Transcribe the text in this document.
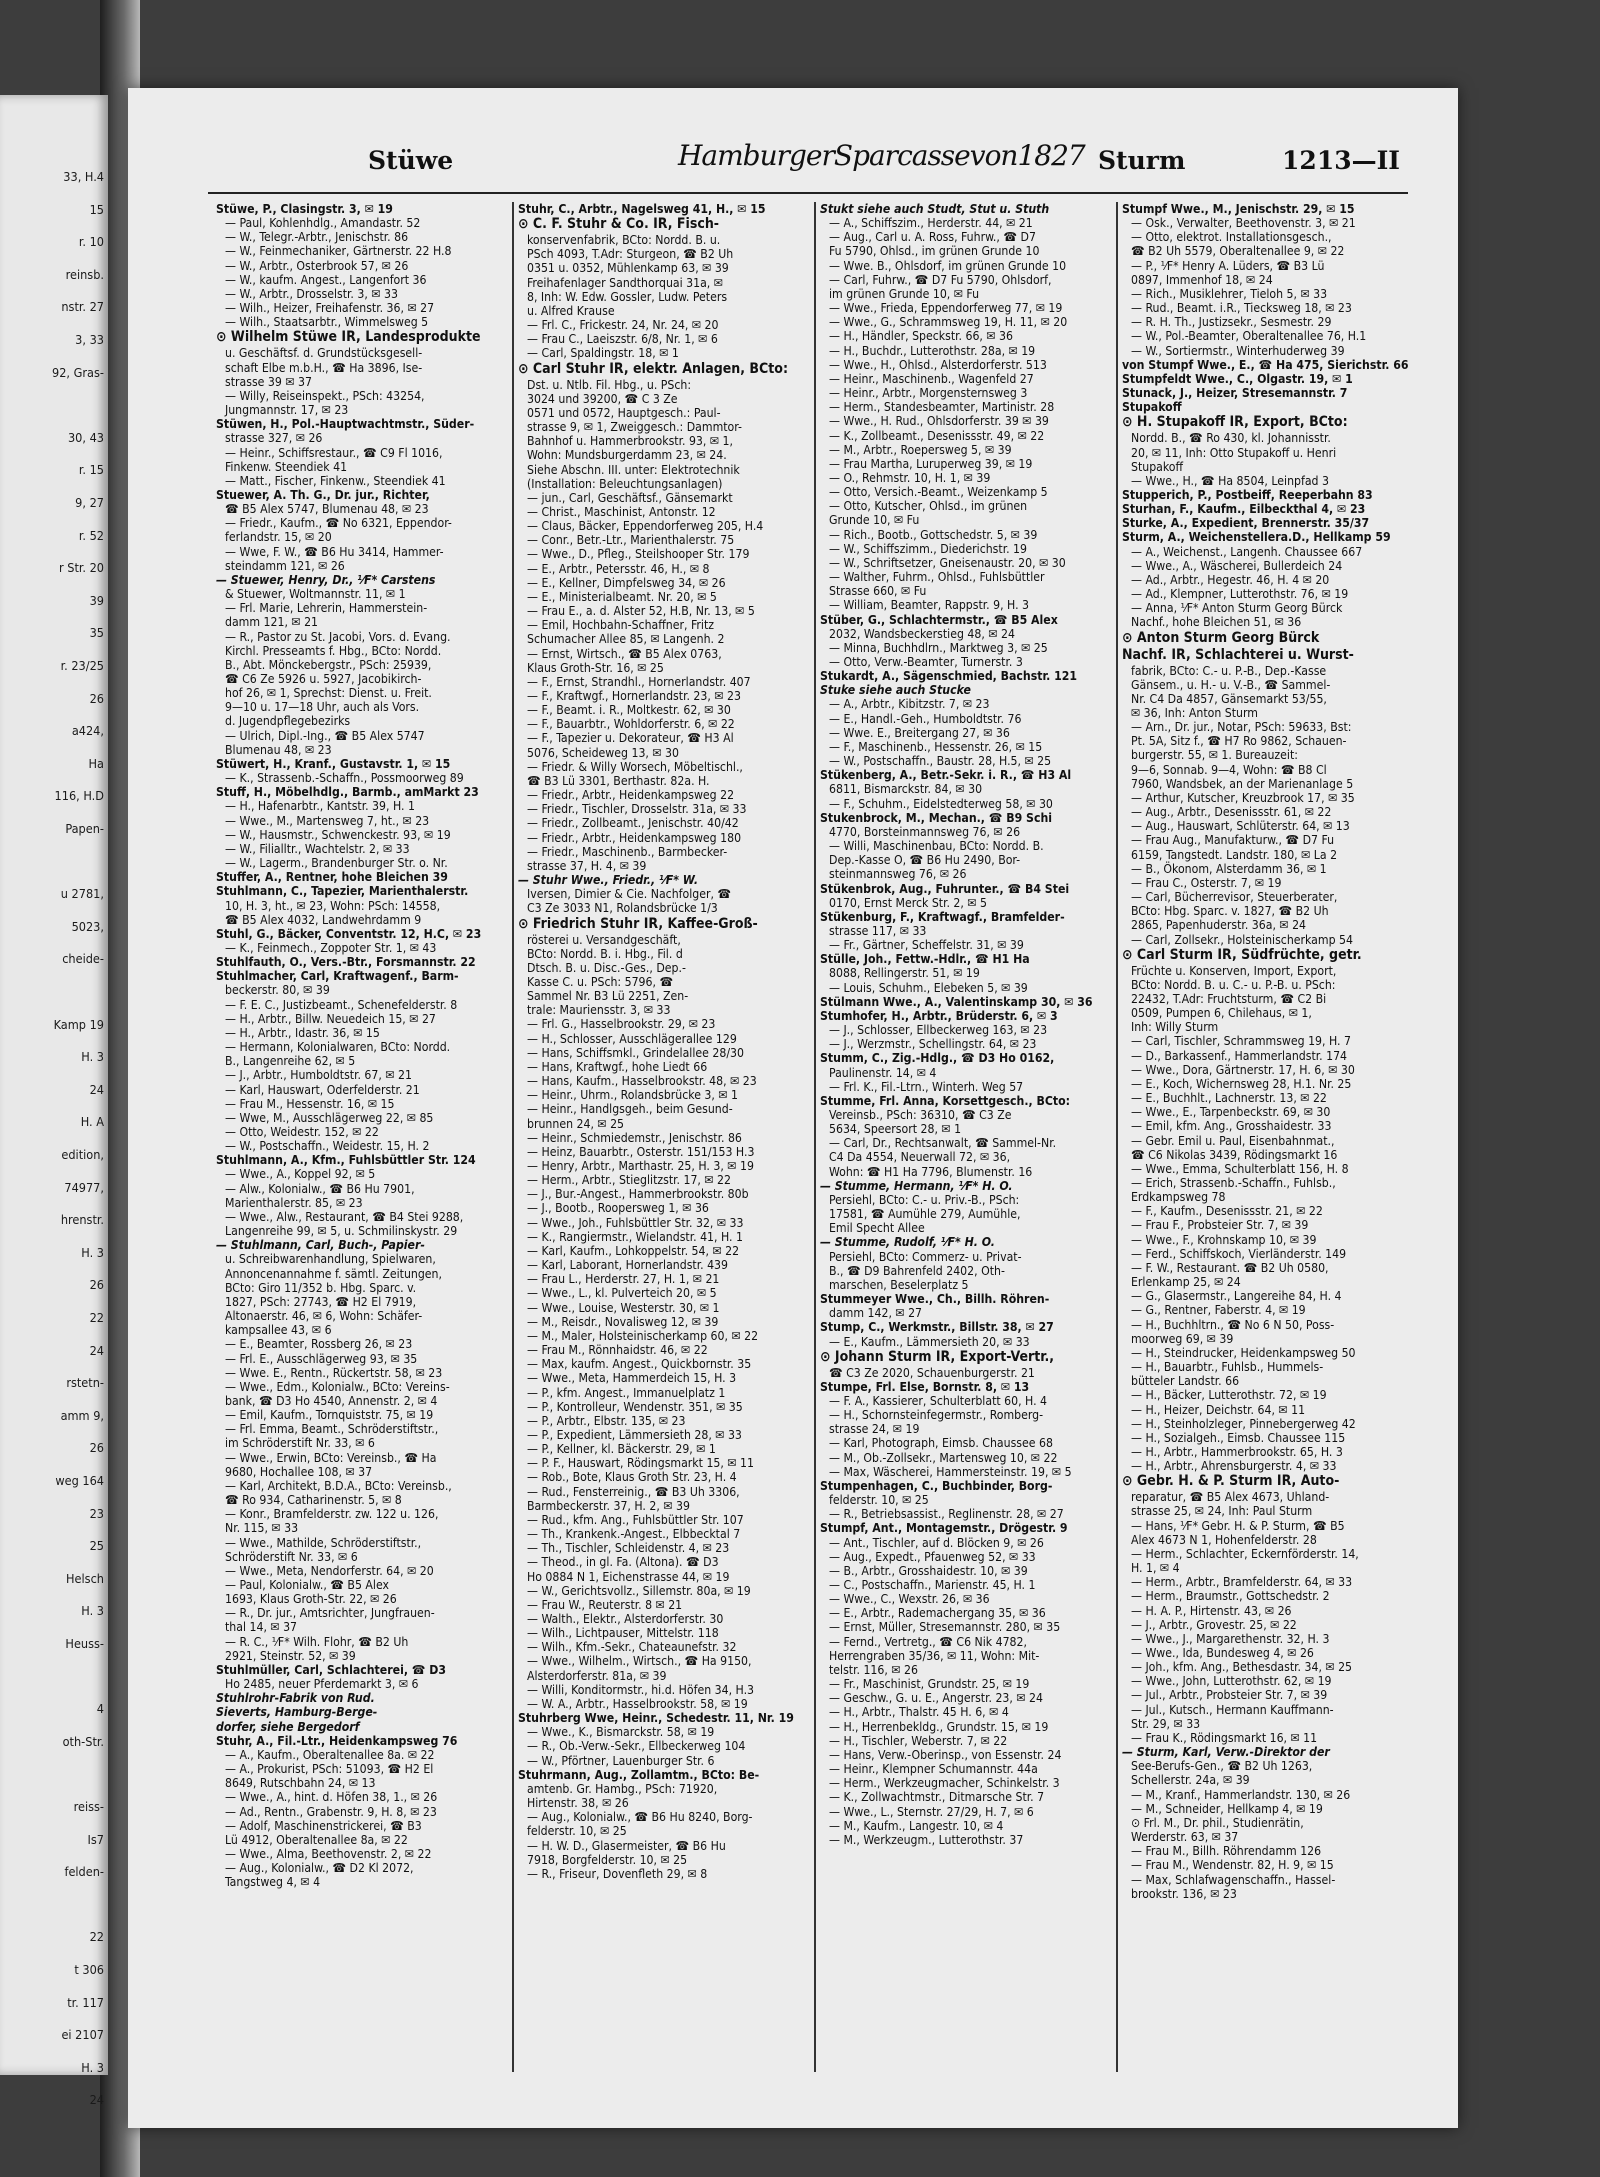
33, H.4
15
r. 10
reinsb.
nstr. 27
3, 33
92, Gras-
30, 43
r. 15
9, 27
r. 52
r Str. 20
39
35
r. 23/25
26
a424,
Ha
116, H.D
Papen-
u 2781,
5023,
cheide-
Kamp 19
H. 3
24
H. A
edition,
74977,
hrenstr.
H. 3
26
22
24
rstetn-
amm 9,
26
weg 164
23
25
Helsch
H. 3
Heuss-
4
oth-Str.
reiss-
Is7
felden-
22
t 306
tr. 117
ei 2107
H. 3
24
Stüwe	HamburgerSparcassevon1827 Sturm	1213—II
Stüwe, P., Clasingstr. 3, ✉ 19
— Paul, Kohlenhdlg., Amandastr. 52
— W., Telegr.-Arbtr., Jenischstr. 86
— W., Feinmechaniker, Gärtnerstr. 22 H.8
— W., Arbtr., Osterbrook 57, ✉ 26
— W., kaufm. Angest., Langenfort 36
— W., Arbtr., Drosselstr. 3, ✉ 33
— Wilh., Heizer, Freihafenstr. 36, ✉ 27
— Wilh., Staatsarbtr., Wimmelsweg 5
⊙ Wilhelm Stüwe IR, Landesprodukte
u. Geschäftsf. d. Grundstücksgesell-
schaft Elbe m.b.H., ☎ Ha 3896, Ise-
strasse 39 ✉ 37
— Willy, Reiseinspekt., PSch: 43254,
Jungmannstr. 17, ✉ 23
Stüwen, H., Pol.-Hauptwachtmstr., Süder-
strasse 327, ✉ 26
— Heinr., Schiffsrestaur., ☎ C9 Fl 1016,
Finkenw. Steendiek 41
— Matt., Fischer, Finkenw., Steendiek 41
Stuewer, A. Th. G., Dr. jur., Richter,
☎ B5 Alex 5747, Blumenau 48, ✉ 23
— Friedr., Kaufm., ☎ No 6321, Eppendor-
ferlandstr. 15, ✉ 20
— Wwe, F. W., ☎ B6 Hu 3414, Hammer-
steindamm 121, ✉ 26
— Stuewer, Henry, Dr., ⅟F* Carstens
& Stuewer, Woltmannstr. 11, ✉ 1
— Frl. Marie, Lehrerin, Hammerstein-
damm 121, ✉ 21
— R., Pastor zu St. Jacobi, Vors. d. Evang.
Kirchl. Presseamts f. Hbg., BCto: Nordd.
B., Abt. Mönckebergstr., PSch: 25939,
☎ C6 Ze 5926 u. 5927, Jacobikirch-
hof 26, ✉ 1, Sprechst: Dienst. u. Freit.
9—10 u. 17—18 Uhr, auch als Vors.
d. Jugendpflegebezirks
— Ulrich, Dipl.-Ing., ☎ B5 Alex 5747
Blumenau 48, ✉ 23
Stüwert, H., Kranf., Gustavstr. 1, ✉ 15
— K., Strassenb.-Schaffn., Possmoorweg 89
Stuff, H., Möbelhdlg., Barmb., amMarkt 23
— H., Hafenarbtr., Kantstr. 39, H. 1
— Wwe., M., Martensweg 7, ht., ✉ 23
— W., Hausmstr., Schwenckestr. 93, ✉ 19
— W., Filialltr., Wachtelstr. 2, ✉ 33
— W., Lagerm., Brandenburger Str. o. Nr.
Stuffer, A., Rentner, hohe Bleichen 39
Stuhlmann, C., Tapezier, Marienthalerstr.
10, H. 3, ht., ✉ 23, Wohn: PSch: 14558,
☎ B5 Alex 4032, Landwehrdamm 9
Stuhl, G., Bäcker, Conventstr. 12, H.C, ✉ 23
— K., Feinmech., Zoppoter Str. 1, ✉ 43
Stuhlfauth, O., Vers.-Btr., Forsmannstr. 22
Stuhlmacher, Carl, Kraftwagenf., Barm-
beckerstr. 80, ✉ 39
— F. E. C., Justizbeamt., Schenefelderstr. 8
— H., Arbtr., Billw. Neuedeich 15, ✉ 27
— H., Arbtr., Idastr. 36, ✉ 15
— Hermann, Kolonialwaren, BCto: Nordd.
B., Langenreihe 62, ✉ 5
— J., Arbtr., Humboldtstr. 67, ✉ 21
— Karl, Hauswart, Oderfelderstr. 21
— Frau M., Hessenstr. 16, ✉ 15
— Wwe, M., Ausschlägerweg 22, ✉ 85
— Otto, Weidestr. 152, ✉ 22
— W., Postschaffn., Weidestr. 15, H. 2
Stuhlmann, A., Kfm., Fuhlsbüttler Str. 124
— Wwe., A., Koppel 92, ✉ 5
— Alw., Kolonialw., ☎ B6 Hu 7901,
Marienthalerstr. 85, ✉ 23
— Wwe., Alw., Restaurant, ☎ B4 Stei 9288,
Langenreihe 99, ✉ 5, u. Schmilinskystr. 29
— Stuhlmann, Carl, Buch-, Papier-
u. Schreibwarenhandlung, Spielwaren,
Annoncenannahme f. sämtl. Zeitungen,
BCto: Giro 11/352 b. Hbg. Sparc. v.
1827, PSch: 27743, ☎ H2 El 7919,
Altonaerstr. 46, ✉ 6, Wohn: Schäfer-
kampsallee 43, ✉ 6
— E., Beamter, Rossberg 26, ✉ 23
— Frl. E., Ausschlägerweg 93, ✉ 35
— Wwe. E., Rentn., Rückertstr. 58, ✉ 23
— Wwe., Edm., Kolonialw., BCto: Vereins-
bank, ☎ D3 Ho 4540, Annenstr. 2, ✉ 4
— Emil, Kaufm., Tornquiststr. 75, ✉ 19
— Frl. Emma, Beamt., Schröderstiftstr.,
im Schröderstift Nr. 33, ✉ 6
— Wwe., Erwin, BCto: Vereinsb., ☎ Ha
9680, Hochallee 108, ✉ 37
— Karl, Architekt, B.D.A., BCto: Vereinsb.,
☎ Ro 934, Catharinenstr. 5, ✉ 8
— Konr., Bramfelderstr. zw. 122 u. 126,
Nr. 115, ✉ 33
— Wwe., Mathilde, Schröderstiftstr.,
Schröderstift Nr. 33, ✉ 6
— Wwe., Meta, Nendorferstr. 64, ✉ 20
— Paul, Kolonialw., ☎ B5 Alex
1693, Klaus Groth-Str. 22, ✉ 26
— R., Dr. jur., Amtsrichter, Jungfrauen-
thal 14, ✉ 37
— R. C., ⅟F* Wilh. Flohr, ☎ B2 Uh
2921, Steinstr. 52, ✉ 39
Stuhlmüller, Carl, Schlachterei, ☎ D3
Ho 2485, neuer Pferdemarkt 3, ✉ 6
Stuhlrohr-Fabrik von Rud.
Sieverts, Hamburg-Berge-
dorfer, siehe Bergedorf
Stuhr, A., Fil.-Ltr., Heidenkampsweg 76
— A., Kaufm., Oberaltenallee 8a. ✉ 22
— A., Prokurist, PSch: 51093, ☎ H2 El
8649, Rutschbahn 24, ✉ 13
— Wwe., A., hint. d. Höfen 38, 1., ✉ 26
— Ad., Rentn., Grabenstr. 9, H. 8, ✉ 23
— Adolf, Maschinenstrickerei, ☎ B3
Lü 4912, Oberaltenallee 8a, ✉ 22
— Wwe., Alma, Beethovenstr. 2, ✉ 22
— Aug., Kolonialw., ☎ D2 Kl 2072,
Tangstweg 4, ✉ 4
Stuhr, C., Arbtr., Nagelsweg 41, H., ✉ 15
⊙ C. F. Stuhr & Co. IR, Fisch-
konservenfabrik, BCto: Nordd. B. u.
PSch 4093, T.Adr: Sturgeon, ☎ B2 Uh
0351 u. 0352, Mühlenkamp 63, ✉ 39
Freihafenlager Sandthorquai 31a, ✉
8, Inh: W. Edw. Gossler, Ludw. Peters
u. Alfred Krause
— Frl. C., Frickestr. 24, Nr. 24, ✉ 20
— Frau C., Laeiszstr. 6/8, Nr. 1, ✉ 6
— Carl, Spaldingstr. 18, ✉ 1
⊙ Carl Stuhr IR, elektr. Anlagen, BCto:
Dst. u. Ntlb. Fil. Hbg., u. PSch:
3024 und 39200, ☎ C 3 Ze
0571 und 0572, Hauptgesch.: Paul-
strasse 9, ✉ 1, Zweiggesch.: Dammtor-
Bahnhof u. Hammerbrookstr. 93, ✉ 1,
Wohn: Mundsburgerdamm 23, ✉ 24.
Siehe Abschn. III. unter: Elektrotechnik
(Installation: Beleuchtungsanlagen)
— jun., Carl, Geschäftsf., Gänsemarkt
— Christ., Maschinist, Antonstr. 12
— Claus, Bäcker, Eppendorferweg 205, H.4
— Conr., Betr.-Ltr., Marienthalerstr. 75
— Wwe., D., Pfleg., Steilshooper Str. 179
— E., Arbtr., Petersstr. 46, H., ✉ 8
— E., Kellner, Dimpfelsweg 34, ✉ 26
— E., Ministerialbeamt. Nr. 20, ✉ 5
— Frau E., a. d. Alster 52, H.B, Nr. 13, ✉ 5
— Emil, Hochbahn-Schaffner, Fritz
Schumacher Allee 85, ✉ Langenh. 2
— Ernst, Wirtsch., ☎ B5 Alex 0763,
Klaus Groth-Str. 16, ✉ 25
— F., Ernst, Strandhl., Hornerlandstr. 407
— F., Kraftwgf., Hornerlandstr. 23, ✉ 23
— F., Beamt. i. R., Moltkestr. 62, ✉ 30
— F., Bauarbtr., Wohldorferstr. 6, ✉ 22
— F., Tapezier u. Dekorateur, ☎ H3 Al
5076, Scheideweg 13, ✉ 30
— Friedr. & Willy Worsech, Möbeltischl.,
☎ B3 Lü 3301, Berthastr. 82a. H.
— Friedr., Arbtr., Heidenkampsweg 22
— Friedr., Tischler, Drosselstr. 31a, ✉ 33
— Friedr., Zollbeamt., Jenischstr. 40/42
— Friedr., Arbtr., Heidenkampsweg 180
— Friedr., Maschinenb., Barmbecker-
strasse 37, H. 4, ✉ 39
— Stuhr Wwe., Friedr., ⅟F* W.
Iversen, Dimier & Cie. Nachfolger, ☎
C3 Ze 3033 N1, Rolandsbrücke 1/3
⊙ Friedrich Stuhr IR, Kaffee-Groß-
rösterei u. Versandgeschäft,
BCto: Nordd. B. i. Hbg., Fil. d
Dtsch. B. u. Disc.-Ges., Dep.-
Kasse C. u. PSch: 5796, ☎
Sammel Nr. B3 Lü 2251, Zen-
trale: Mauriensstr. 3, ✉ 33
— Frl. G., Hasselbrookstr. 29, ✉ 23
— H., Schlosser, Ausschlägerallee 129
— Hans, Schiffsmkl., Grindelallee 28/30
— Hans, Kraftwgf., hohe Liedt 66
— Hans, Kaufm., Hasselbrookstr. 48, ✉ 23
— Heinr., Uhrm., Rolandsbrücke 3, ✉ 1
— Heinr., Handlgsgeh., beim Gesund-
brunnen 24, ✉ 25
— Heinr., Schmiedemstr., Jenischstr. 86
— Heinz, Bauarbtr., Osterstr. 151/153 H.3
— Henry, Arbtr., Marthastr. 25, H. 3, ✉ 19
— Herm., Arbtr., Stieglitzstr. 17, ✉ 22
— J., Bur.-Angest., Hammerbrookstr. 80b
— J., Bootb., Roopersweg 1, ✉ 36
— Wwe., Joh., Fuhlsbüttler Str. 32, ✉ 33
— K., Rangiermstr., Wielandstr. 41, H. 1
— Karl, Kaufm., Lohkoppelstr. 54, ✉ 22
— Karl, Laborant, Hornerlandstr. 439
— Frau L., Herderstr. 27, H. 1, ✉ 21
— Wwe., L., kl. Pulverteich 20, ✉ 5
— Wwe., Louise, Westerstr. 30, ✉ 1
— M., Reisdr., Novalisweg 12, ✉ 39
— M., Maler, Holsteinischerkamp 60, ✉ 22
— Frau M., Rönnhaidstr. 46, ✉ 22
— Max, kaufm. Angest., Quickbornstr. 35
— Wwe., Meta, Hammerdeich 15, H. 3
— P., kfm. Angest., Immanuelplatz 1
— P., Kontrolleur, Wendenstr. 351, ✉ 35
— P., Arbtr., Elbstr. 135, ✉ 23
— P., Expedient, Lämmersieth 28, ✉ 33
— P., Kellner, kl. Bäckerstr. 29, ✉ 1
— P. F., Hauswart, Rödingsmarkt 15, ✉ 11
— Rob., Bote, Klaus Groth Str. 23, H. 4
— Rud., Fensterreinig., ☎ B3 Uh 3306,
Barmbeckerstr. 37, H. 2, ✉ 39
— Rud., kfm. Ang., Fuhlsbüttler Str. 107
— Th., Krankenk.-Angest., Elbbecktal 7
— Th., Tischler, Schleidenstr. 4, ✉ 23
— Theod., in gl. Fa. (Altona). ☎ D3
Ho 0884 N 1, Eichenstrasse 44, ✉ 19
— W., Gerichtsvollz., Sillemstr. 80a, ✉ 19
— Frau W., Reuterstr. 8 ✉ 21
— Walth., Elektr., Alsterdorferstr. 30
— Wilh., Lichtpauser, Mittelstr. 118
— Wilh., Kfm.-Sekr., Chateaunefstr. 32
— Wwe., Wilhelm., Wirtsch., ☎ Ha 9150,
Alsterdorferstr. 81a, ✉ 39
— Willi, Konditormstr., hi.d. Höfen 34, H.3
— W. A., Arbtr., Hasselbrookstr. 58, ✉ 19
Stuhrberg Wwe, Heinr., Schedestr. 11, Nr. 19
— Wwe., K., Bismarckstr. 58, ✉ 19
— R., Ob.-Verw.-Sekr., Ellbeckerweg 104
— W., Pförtner, Lauenburger Str. 6
Stuhrmann, Aug., Zollamtm., BCto: Be-
amtenb. Gr. Hambg., PSch: 71920,
Hirtenstr. 38, ✉ 26
— Aug., Kolonialw., ☎ B6 Hu 8240, Borg-
felderstr. 10, ✉ 25
— H. W. D., Glasermeister, ☎ B6 Hu
7918, Borgfelderstr. 10, ✉ 25
— R., Friseur, Dovenfleth 29, ✉ 8
Stukt siehe auch Studt, Stut u. Stuth
— A., Schiffszim., Herderstr. 44, ✉ 21
— Aug., Carl u. A. Ross, Fuhrw., ☎ D7
Fu 5790, Ohlsd., im grünen Grunde 10
— Wwe. B., Ohlsdorf, im grünen Grunde 10
— Carl, Fuhrw., ☎ D7 Fu 5790, Ohlsdorf,
im grünen Grunde 10, ✉ Fu
— Wwe., Frieda, Eppendorferweg 77, ✉ 19
— Wwe., G., Schrammsweg 19, H. 11, ✉ 20
— H., Händler, Speckstr. 66, ✉ 36
— H., Buchdr., Lutterothstr. 28a, ✉ 19
— Wwe., H., Ohlsd., Alsterdorferstr. 513
— Heinr., Maschinenb., Wagenfeld 27
— Heinr., Arbtr., Morgensternsweg 3
— Herm., Standesbeamter, Martinistr. 28
— Wwe., H. Rud., Ohlsdorferstr. 39 ✉ 39
— K., Zollbeamt., Desenissstr. 49, ✉ 22
— M., Arbtr., Roepersweg 5, ✉ 39
— Frau Martha, Luruperweg 39, ✉ 19
— O., Rehmstr. 10, H. 1, ✉ 39
— Otto, Versich.-Beamt., Weizenkamp 5
— Otto, Kutscher, Ohlsd., im grünen
Grunde 10, ✉ Fu
— Rich., Bootb., Gottschedstr. 5, ✉ 39
— W., Schiffszimm., Diederichstr. 19
— W., Schriftsetzer, Gneisenaustr. 20, ✉ 30
— Walther, Fuhrm., Ohlsd., Fuhlsbüttler
Strasse 660, ✉ Fu
— William, Beamter, Rappstr. 9, H. 3
Stüber, G., Schlachtermstr., ☎ B5 Alex
2032, Wandsbeckerstieg 48, ✉ 24
— Minna, Buchhdlrn., Marktweg 3, ✉ 25
— Otto, Verw.-Beamter, Turnerstr. 3
Stukardt, A., Sägenschmied, Bachstr. 121
Stuke siehe auch Stucke
— A., Arbtr., Kibitzstr. 7, ✉ 23
— E., Handl.-Geh., Humboldtstr. 76
— Wwe. E., Breitergang 27, ✉ 36
— F., Maschinenb., Hessenstr. 26, ✉ 15
— W., Postschaffn., Baustr. 28, H.5, ✉ 25
Stükenberg, A., Betr.-Sekr. i. R., ☎ H3 Al
6811, Bismarckstr. 84, ✉ 30
— F., Schuhm., Eidelstedterweg 58, ✉ 30
Stukenbrock, M., Mechan., ☎ B9 Schi
4770, Borsteinmannsweg 76, ✉ 26
— Willi, Maschinenbau, BCto: Nordd. B.
Dep.-Kasse O, ☎ B6 Hu 2490, Bor-
steinmannsweg 76, ✉ 26
Stükenbrok, Aug., Fuhrunter., ☎ B4 Stei
0170, Ernst Merck Str. 2, ✉ 5
Stükenburg, F., Kraftwagf., Bramfelder-
strasse 117, ✉ 33
— Fr., Gärtner, Scheffelstr. 31, ✉ 39
Stülle, Joh., Fettw.-Hdlr., ☎ H1 Ha
8088, Rellingerstr. 51, ✉ 19
— Louis, Schuhm., Elebeken 5, ✉ 39
Stülmann Wwe., A., Valentinskamp 30, ✉ 36
Stumhofer, H., Arbtr., Brüderstr. 6, ✉ 3
— J., Schlosser, Ellbeckerweg 163, ✉ 23
— J., Werzmstr., Schellingstr. 64, ✉ 23
Stumm, C., Zig.-Hdlg., ☎ D3 Ho 0162,
Paulinenstr. 14, ✉ 4
— Frl. K., Fil.-Ltrn., Winterh. Weg 57
Stumme, Frl. Anna, Korsettgesch., BCto:
Vereinsb., PSch: 36310, ☎ C3 Ze
5634, Speersort 28, ✉ 1
— Carl, Dr., Rechtsanwalt, ☎ Sammel-Nr.
C4 Da 4554, Neuerwall 72, ✉ 36,
Wohn: ☎ H1 Ha 7796, Blumenstr. 16
— Stumme, Hermann, ⅟F* H. O.
Persiehl, BCto: C.- u. Priv.-B., PSch:
17581, ☎ Aumühle 279, Aumühle,
Emil Specht Allee
— Stumme, Rudolf, ⅟F* H. O.
Persiehl, BCto: Commerz- u. Privat-
B., ☎ D9 Bahrenfeld 2402, Oth-
marschen, Beselerplatz 5
Stummeyer Wwe., Ch., Billh. Röhren-
damm 142, ✉ 27
Stump, C., Werkmstr., Billstr. 38, ✉ 27
— E., Kaufm., Lämmersieth 20, ✉ 33
⊙ Johann Sturm IR, Export-Vertr.,
☎ C3 Ze 2020, Schauenburgerstr. 21
Stumpe, Frl. Else, Bornstr. 8, ✉ 13
— F. A., Kassierer, Schulterblatt 60, H. 4
— H., Schornsteinfegermstr., Romberg-
strasse 24, ✉ 19
— Karl, Photograph, Eimsb. Chaussee 68
— M., Ob.-Zollsekr., Martensweg 10, ✉ 22
— Max, Wäscherei, Hammersteinstr. 19, ✉ 5
Stumpenhagen, C., Buchbinder, Borg-
felderstr. 10, ✉ 25
— R., Betriebsassist., Reglinenstr. 28, ✉ 27
Stumpf, Ant., Montagemstr., Drögestr. 9
— Ant., Tischler, auf d. Blöcken 9, ✉ 26
— Aug., Expedt., Pfauenweg 52, ✉ 33
— B., Arbtr., Grosshaidestr. 10, ✉ 39
— C., Postschaffn., Marienstr. 45, H. 1
— Wwe., C., Wexstr. 26, ✉ 36
— E., Arbtr., Rademachergang 35, ✉ 36
— Ernst, Müller, Stresemannstr. 280, ✉ 35
— Fernd., Vertretg., ☎ C6 Nik 4782,
Herrengraben 35/36, ✉ 11, Wohn: Mit-
telstr. 116, ✉ 26
— Fr., Maschinist, Grundstr. 25, ✉ 19
— Geschw., G. u. E., Angerstr. 23, ✉ 24
— H., Arbtr., Thalstr. 45 H. 6, ✉ 4
— H., Herrenbekldg., Grundstr. 15, ✉ 19
— H., Tischler, Weberstr. 7, ✉ 22
— Hans, Verw.-Oberinsp., von Essenstr. 24
— Heinr., Klempner Schumannstr. 44a
— Herm., Werkzeugmacher, Schinkelstr. 3
— K., Zollwachtmstr., Ditmarsche Str. 7
— Wwe., L., Sternstr. 27/29, H. 7, ✉ 6
— M., Kaufm., Langestr. 10, ✉ 4
— M., Werkzeugm., Lutterothstr. 37
Stumpf Wwe., M., Jenischstr. 29, ✉ 15
— Osk., Verwalter, Beethovenstr. 3, ✉ 21
— Otto, elektrot. Installationsgesch.,
☎ B2 Uh 5579, Oberaltenallee 9, ✉ 22
— P., ⅟F* Henry A. Lüders, ☎ B3 Lü
0897, Immenhof 18, ✉ 24
— Rich., Musiklehrer, Tieloh 5, ✉ 33
— Rud., Beamt. i.R., Tiecksweg 18, ✉ 23
— R. H. Th., Justizsekr., Sesmestr. 29
— W., Pol.-Beamter, Oberaltenallee 76, H.1
— W., Sortiermstr., Winterhuderweg 39
von Stumpf Wwe., E., ☎ Ha 475, Sierichstr. 66
Stumpfeldt Wwe., C., Olgastr. 19, ✉ 1
Stunack, J., Heizer, Stresemannstr. 7
Stupakoff
⊙ H. Stupakoff IR, Export, BCto:
Nordd. B., ☎ Ro 430, kl. Johannisstr.
20, ✉ 11, Inh: Otto Stupakoff u. Henri
Stupakoff
— Wwe., H., ☎ Ha 8504, Leinpfad 3
Stupperich, P., Postbeiff, Reeperbahn 83
Sturhan, F., Kaufm., Eilbeckthal 4, ✉ 23
Sturke, A., Expedient, Brennerstr. 35/37
Sturm, A., Weichenstellera.D., Hellkamp 59
— A., Weichenst., Langenh. Chaussee 667
— Wwe., A., Wäscherei, Bullerdeich 24
— Ad., Arbtr., Hegestr. 46, H. 4 ✉ 20
— Ad., Klempner, Lutterothstr. 76, ✉ 19
— Anna, ⅟F* Anton Sturm Georg Bürck
Nachf., hohe Bleichen 51, ✉ 36
⊙ Anton Sturm Georg Bürck
Nachf. IR, Schlachterei u. Wurst-
fabrik, BCto: C.- u. P.-B., Dep.-Kasse
Gänsem., u. H.- u. V.-B., ☎ Sammel-
Nr. C4 Da 4857, Gänsemarkt 53/55,
✉ 36, Inh: Anton Sturm
— Arn., Dr. jur., Notar, PSch: 59633, Bst:
Pt. 5A, Sitz f., ☎ H7 Ro 9862, Schauen-
burgerstr. 55, ✉ 1. Bureauzeit:
9—6, Sonnab. 9—4, Wohn: ☎ B8 Cl
7960, Wandsbek, an der Marienanlage 5
— Arthur, Kutscher, Kreuzbrook 17, ✉ 35
— Aug., Arbtr., Desenissstr. 61, ✉ 22
— Aug., Hauswart, Schlüterstr. 64, ✉ 13
— Frau Aug., Manufakturw., ☎ D7 Fu
6159, Tangstedt. Landstr. 180, ✉ La 2
— B., Ökonom, Alsterdamm 36, ✉ 1
— Frau C., Osterstr. 7, ✉ 19
— Carl, Bücherrevisor, Steuerberater,
BCto: Hbg. Sparc. v. 1827, ☎ B2 Uh
2865, Papenhuderstr. 36a, ✉ 24
— Carl, Zollsekr., Holsteinischerkamp 54
⊙ Carl Sturm IR, Südfrüchte, getr.
Früchte u. Konserven, Import, Export,
BCto: Nordd. B. u. C.- u. P.-B. u. PSch:
22432, T.Adr: Fruchtsturm, ☎ C2 Bi
0509, Pumpen 6, Chilehaus, ✉ 1,
Inh: Willy Sturm
— Carl, Tischler, Schrammsweg 19, H. 7
— D., Barkassenf., Hammerlandstr. 174
— Wwe., Dora, Gärtnerstr. 17, H. 6, ✉ 30
— E., Koch, Wichernsweg 28, H.1. Nr. 25
— E., Buchhlt., Lachnerstr. 13, ✉ 22
— Wwe., E., Tarpenbeckstr. 69, ✉ 30
— Emil, kfm. Ang., Grosshaidestr. 33
— Gebr. Emil u. Paul, Eisenbahnmat.,
☎ C6 Nikolas 3439, Rödingsmarkt 16
— Wwe., Emma, Schulterblatt 156, H. 8
— Erich, Strassenb.-Schaffn., Fuhlsb.,
Erdkampsweg 78
— F., Kaufm., Desenissstr. 21, ✉ 22
— Frau F., Probsteier Str. 7, ✉ 39
— Wwe., F., Krohnskamp 10, ✉ 39
— Ferd., Schiffskoch, Vierländerstr. 149
— F. W., Restaurant. ☎ B2 Uh 0580,
Erlenkamp 25, ✉ 24
— G., Glasermstr., Langereihe 84, H. 4
— G., Rentner, Faberstr. 4, ✉ 19
— H., Buchhltrn., ☎ No 6 N 50, Poss-
moorweg 69, ✉ 39
— H., Steindrucker, Heidenkampsweg 50
— H., Bauarbtr., Fuhlsb., Hummels-
bütteler Landstr. 66
— H., Bäcker, Lutterothstr. 72, ✉ 19
— H., Heizer, Deichstr. 64, ✉ 11
— H., Steinholzleger, Pinnebergerweg 42
— H., Sozialgeh., Eimsb. Chaussee 115
— H., Arbtr., Hammerbrookstr. 65, H. 3
— H., Arbtr., Ahrensburgerstr. 4, ✉ 33
⊙ Gebr. H. & P. Sturm IR, Auto-
reparatur, ☎ B5 Alex 4673, Uhland-
strasse 25, ✉ 24, Inh: Paul Sturm
— Hans, ⅟F* Gebr. H. & P. Sturm, ☎ B5
Alex 4673 N 1, Hohenfelderstr. 28
— Herm., Schlachter, Eckernförderstr. 14,
H. 1, ✉ 4
— Herm., Arbtr., Bramfelderstr. 64, ✉ 33
— Herm., Braumstr., Gottschedstr. 2
— H. A. P., Hirtenstr. 43, ✉ 26
— J., Arbtr., Grovestr. 25, ✉ 22
— Wwe., J., Margarethenstr. 32, H. 3
— Wwe., Ida, Bundesweg 4, ✉ 26
— Joh., kfm. Ang., Bethesdastr. 34, ✉ 25
— Wwe., John, Lutterothstr. 62, ✉ 19
— Jul., Arbtr., Probsteier Str. 7, ✉ 39
— Jul., Kutsch., Hermann Kauffmann-
Str. 29, ✉ 33
— Frau K., Rödingsmarkt 16, ✉ 11
— Sturm, Karl, Verw.-Direktor der
See-Berufs-Gen., ☎ B2 Uh 1263,
Schellerstr. 24a, ✉ 39
— M., Kranf., Hammerlandstr. 130, ✉ 26
— M., Schneider, Hellkamp 4, ✉ 19
⊙ Frl. M., Dr. phil., Studienrätin,
Werderstr. 63, ✉ 37
— Frau M., Billh. Röhrendamm 126
— Frau M., Wendenstr. 82, H. 9, ✉ 15
— Max, Schlafwagenschaffn., Hassel-
brookstr. 136, ✉ 23
